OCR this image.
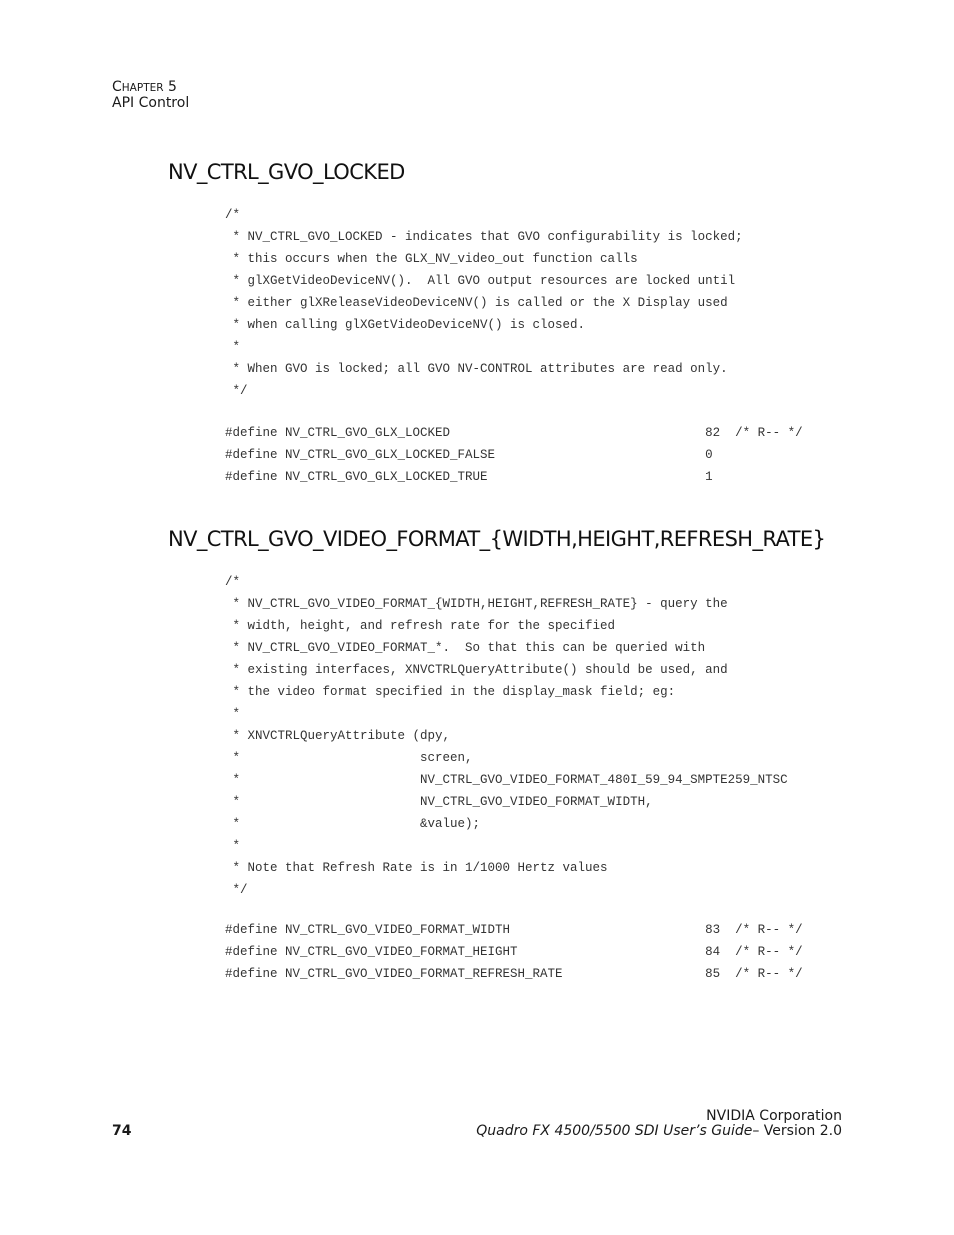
CHAPTER 5
API Control
NV_CTRL_GVO_LOCKED
/*
* NV_CTRL_GVO_LOCKED - indicates that GVO configurability is locked;
* this occurs when the GLX_NV_video_out function calls
* glXGetVideoDeviceNV().  All GVO output resources are locked until
* either glXReleaseVideoDeviceNV() is called or the X Display used
* when calling glXGetVideoDeviceNV() is closed.
*
* When GVO is locked; all GVO NV-CONTROL attributes are read only.
*/
#define NV_CTRL_GVO_GLX_LOCKED                                  82  /* R-- */
#define NV_CTRL_GVO_GLX_LOCKED_FALSE                            0
#define NV_CTRL_GVO_GLX_LOCKED_TRUE                             1
NV_CTRL_GVO_VIDEO_FORMAT_{WIDTH,HEIGHT,REFRESH_RATE}
/*
* NV_CTRL_GVO_VIDEO_FORMAT_{WIDTH,HEIGHT,REFRESH_RATE} - query the
* width, height, and refresh rate for the specified
* NV_CTRL_GVO_VIDEO_FORMAT_*.  So that this can be queried with
* existing interfaces, XNVCTRLQueryAttribute() should be used, and
* the video format specified in the display_mask field; eg:
*
* XNVCTRLQueryAttribute (dpy,
*                        screen,
*                        NV_CTRL_GVO_VIDEO_FORMAT_480I_59_94_SMPTE259_NTSC
*                        NV_CTRL_GVO_VIDEO_FORMAT_WIDTH,
*                        &value);
*
* Note that Refresh Rate is in 1/1000 Hertz values
*/
#define NV_CTRL_GVO_VIDEO_FORMAT_WIDTH                          83  /* R-- */
#define NV_CTRL_GVO_VIDEO_FORMAT_HEIGHT                         84  /* R-- */
#define NV_CTRL_GVO_VIDEO_FORMAT_REFRESH_RATE                   85  /* R-- */
74
NVIDIA Corporation
Quadro FX 4500/5500 SDI User’s Guide– Version 2.0
